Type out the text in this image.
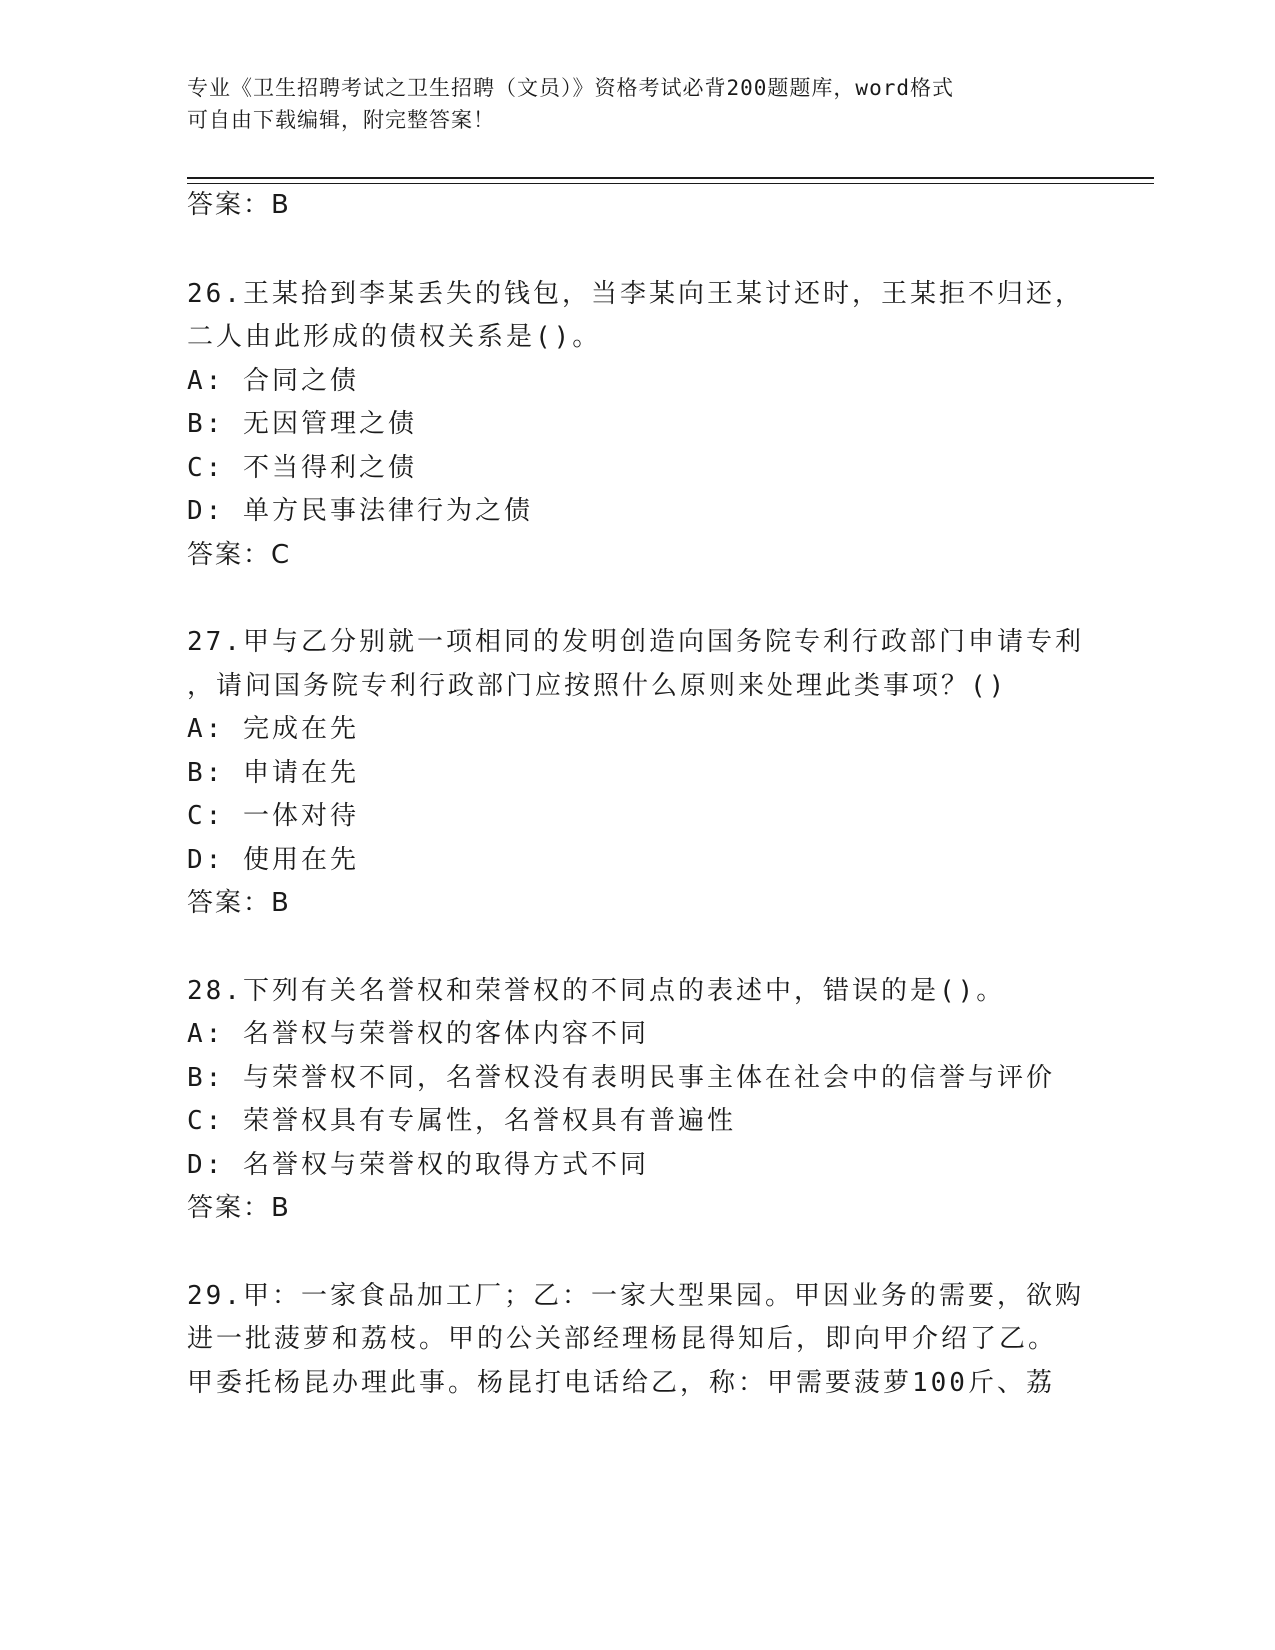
专业《卫生招聘考试之卫生招聘（文员）》资格考试必背200题题库，word格式
可自由下载编辑，附完整答案！
答案：B
26.王某拾到李某丢失的钱包，当李某向王某讨还时，王某拒不归还，
二人由此形成的债权关系是()。
A: 合同之债
B: 无因管理之债
C: 不当得利之债
D: 单方民事法律行为之债
答案：C
27.甲与乙分别就一项相同的发明创造向国务院专利行政部门申请专利
，请问国务院专利行政部门应按照什么原则来处理此类事项？()
A: 完成在先
B: 申请在先
C: 一体对待
D: 使用在先
答案：B
28.下列有关名誉权和荣誉权的不同点的表述中，错误的是()。
A: 名誉权与荣誉权的客体内容不同
B: 与荣誉权不同，名誉权没有表明民事主体在社会中的信誉与评价
C: 荣誉权具有专属性，名誉权具有普遍性
D: 名誉权与荣誉权的取得方式不同
答案：B
29.甲：一家食品加工厂；乙：一家大型果园。甲因业务的需要，欲购
进一批菠萝和荔枝。甲的公关部经理杨昆得知后，即向甲介绍了乙。
甲委托杨昆办理此事。杨昆打电话给乙，称：甲需要菠萝100斤、荔
